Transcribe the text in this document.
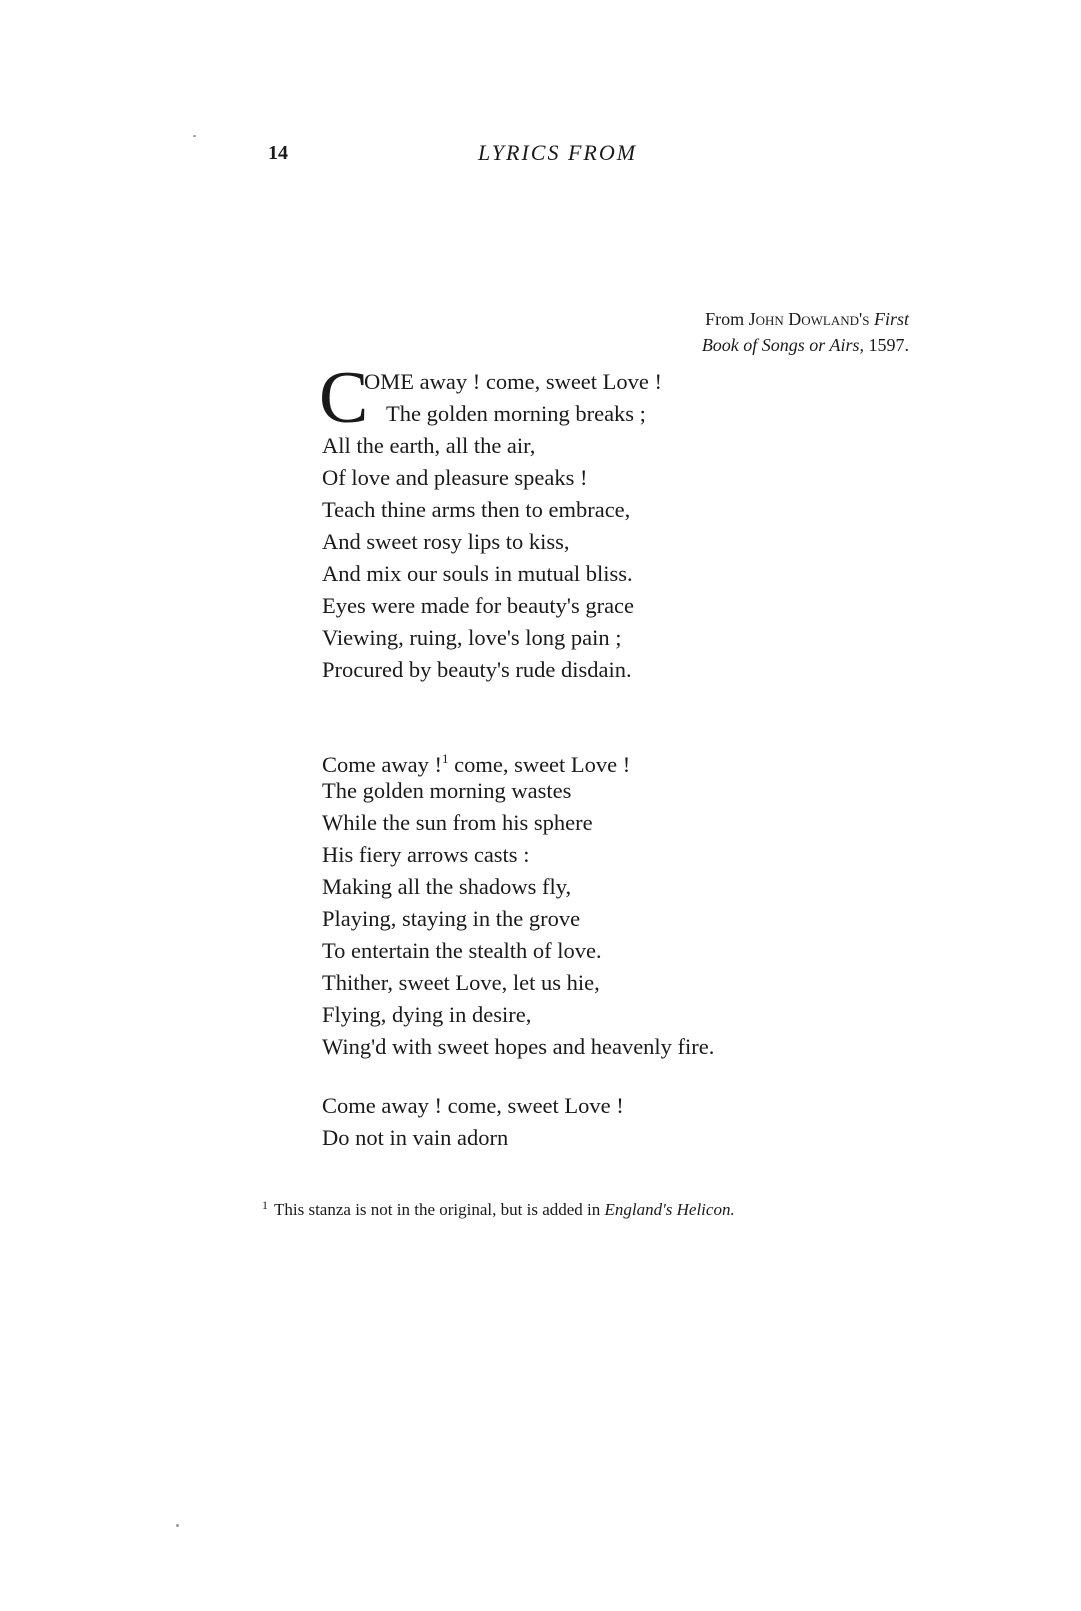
14	LYRICS FROM
From John Dowland's First
Book of Songs or Airs, 1597.
C
OME away ! come, sweet Love !
The golden morning breaks ;
All the earth, all the air,
Of love and pleasure speaks !
Teach thine arms then to embrace,
And sweet rosy lips to kiss,
And mix our souls in mutual bliss.
Eyes were made for beauty's grace
Viewing, ruing, love's long pain ;
Procured by beauty's rude disdain.
Come away !$^1$ come, sweet Love !
The golden morning wastes
While the sun from his sphere
His fiery arrows casts :
Making all the shadows fly,
Playing, staying in the grove
To entertain the stealth of love.
Thither, sweet Love, let us hie,
Flying, dying in desire,
Wing'd with sweet hopes and heavenly fire.
Come away ! come, sweet Love !
Do not in vain adorn
$^1$ This stanza is not in the original, but is added in England's Helicon.
